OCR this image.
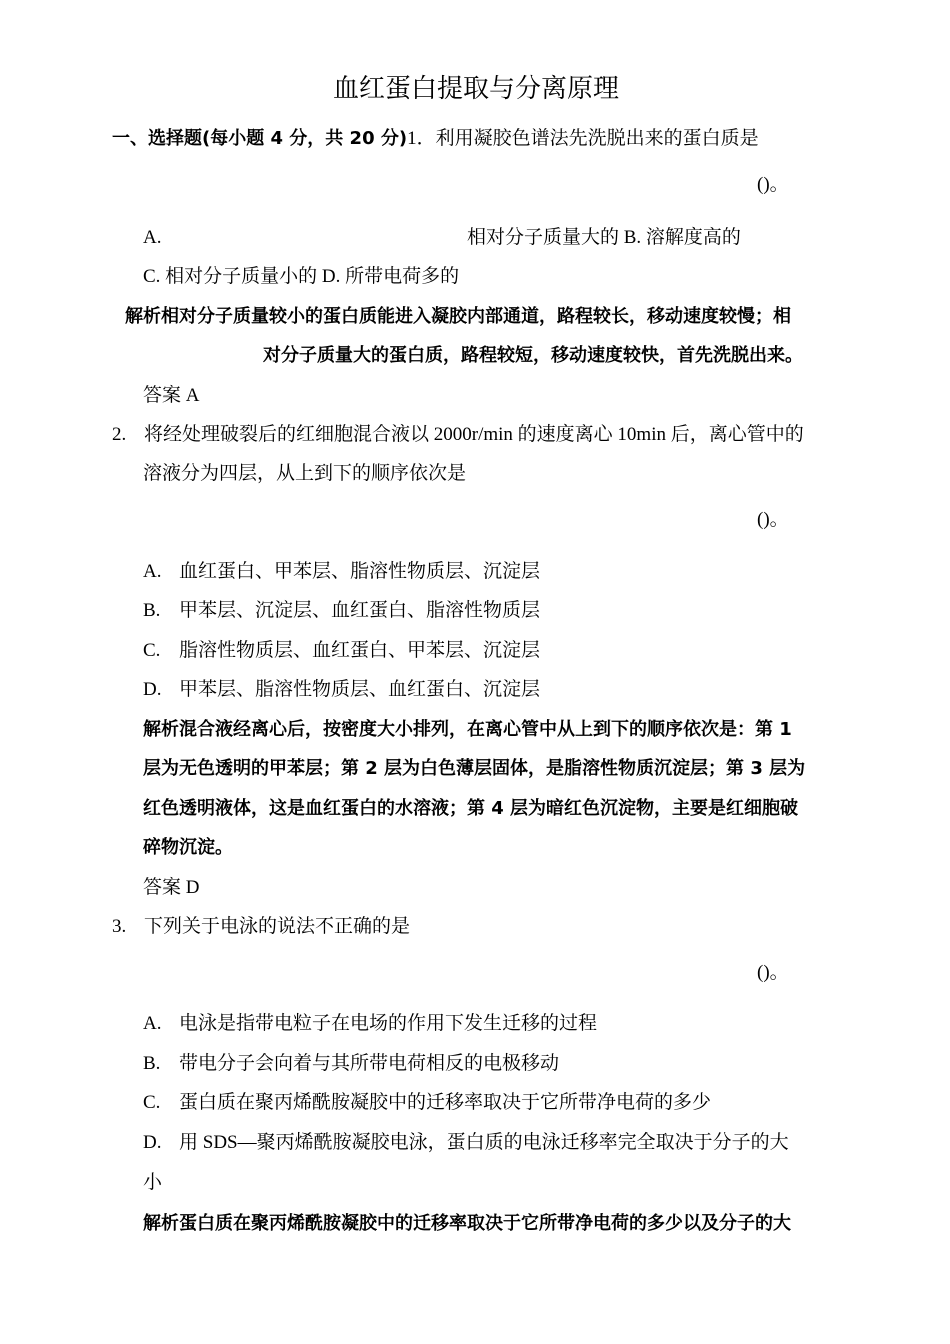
血红蛋白提取与分离原理
一、选择题(每小题 4 分，共 20 分)1．利用凝胶色谱法先洗脱出来的蛋白质是
()。
A.	相对分子质量大的 B. 溶解度高的
C. 相对分子质量小的 D. 所带电荷多的
解析相对分子质量较小的蛋白质能进入凝胶内部通道，路程较长，移动速度较慢；相
对分子质量大的蛋白质，路程较短，移动速度较快，首先洗脱出来。
答案 A
2. 将经处理破裂后的红细胞混合液以 2000r/min 的速度离心 10min 后，离心管中的
溶液分为四层，从上到下的顺序依次是
()。
A. 血红蛋白、甲苯层、脂溶性物质层、沉淀层
B. 甲苯层、沉淀层、血红蛋白、脂溶性物质层
C. 脂溶性物质层、血红蛋白、甲苯层、沉淀层
D. 甲苯层、脂溶性物质层、血红蛋白、沉淀层
解析混合液经离心后，按密度大小排列，在离心管中从上到下的顺序依次是：第 1
层为无色透明的甲苯层；第 2 层为白色薄层固体，是脂溶性物质沉淀层；第 3 层为
红色透明液体，这是血红蛋白的水溶液；第 4 层为暗红色沉淀物，主要是红细胞破
碎物沉淀。
答案 D
3. 下列关于电泳的说法不正确的是
()。
A. 电泳是指带电粒子在电场的作用下发生迁移的过程
B. 带电分子会向着与其所带电荷相反的电极移动
C. 蛋白质在聚丙烯酰胺凝胶中的迁移率取决于它所带净电荷的多少
D. 用 SDS—聚丙烯酰胺凝胶电泳，蛋白质的电泳迁移率完全取决于分子的大
小
解析蛋白质在聚丙烯酰胺凝胶中的迁移率取决于它所带净电荷的多少以及分子的大
